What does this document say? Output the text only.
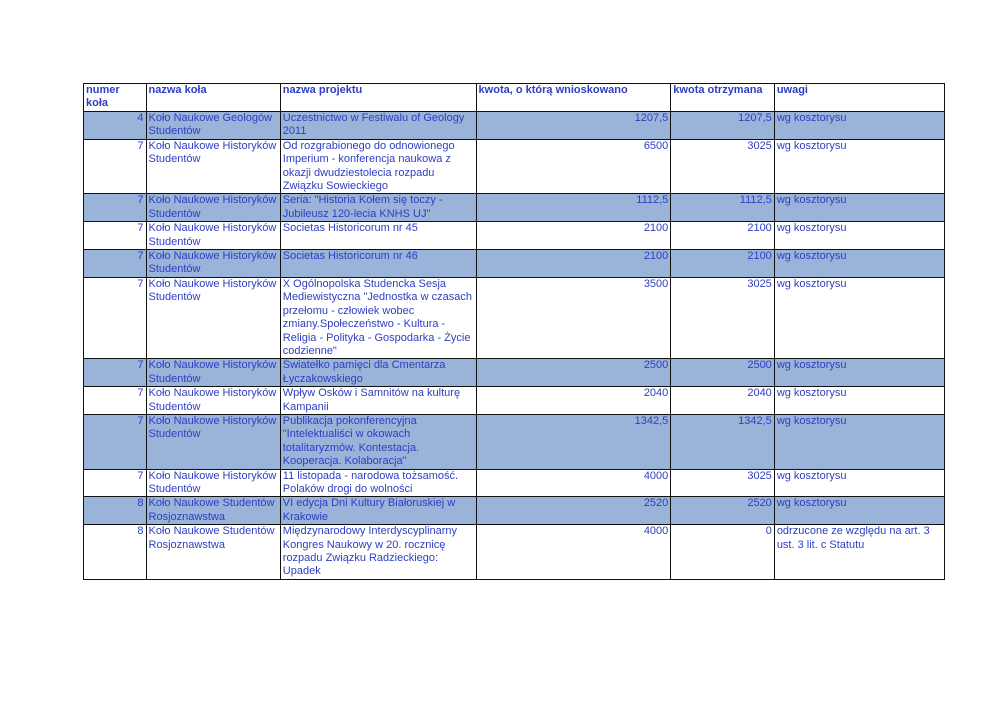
numer koła	nazwa koła	nazwa projektu	kwota, o którą wnioskowano	kwota otrzymana	uwagi
4	Koło Naukowe Geologów Studentów	Uczestnictwo w Festiwalu of Geology 2011	1207,5	1207,5	wg kosztorysu
7	Koło Naukowe Historyków Studentów	Od rozgrabionego do odnowionego Imperium - konferencja naukowa z okazji dwudziestolecia rozpadu Związku Sowieckiego	6500	3025	wg kosztorysu
7	Koło Naukowe Historyków Studentów	Seria: "Historia Kołem się toczy - Jubileusz 120-lecia KNHS UJ"	1112,5	1112,5	wg kosztorysu
7	Koło Naukowe Historyków Studentów	Societas Historicorum nr 45	2100	2100	wg kosztorysu
7	Koło Naukowe Historyków Studentów	Societas Historicorum nr 46	2100	2100	wg kosztorysu
7	Koło Naukowe Historyków Studentów	X Ogólnopolska Studencka Sesja Mediewistyczna "Jednostka w czasach przełomu - człowiek wobec zmiany.Społeczeństwo - Kultura - Religia - Polityka - Gospodarka - Życie codzienne"	3500	3025	wg kosztorysu
7	Koło Naukowe Historyków Studentów	Światełko pamięci dla Cmentarza Łyczakowskiego	2500	2500	wg kosztorysu
7	Koło Naukowe Historyków Studentów	Wpływ Osków i Samnitów na kulturę Kampanii	2040	2040	wg kosztorysu
7	Koło Naukowe Historyków Studentów	Publikacja pokonferencyjna "Intelektualiści w okowach totalitaryzmów. Kontestacja. Kooperacja. Kolaboracja"	1342,5	1342,5	wg kosztorysu
7	Koło Naukowe Historyków Studentów	11 listopada - narodowa tożsamość. Polaków drogi do wolności	4000	3025	wg kosztorysu
8	Koło Naukowe Studentów Rosjoznawstwa	VI edycja Dni Kultury Białoruskiej w Krakowie	2520	2520	wg kosztorysu
8	Koło Naukowe Studentów Rosjoznawstwa	Międzynarodowy Interdyscyplinarny Kongres Naukowy w 20. rocznicę rozpadu Związku Radzieckiego: Upadek	4000	0	odrzucone ze względu na art. 3 ust. 3 lit. c Statutu
